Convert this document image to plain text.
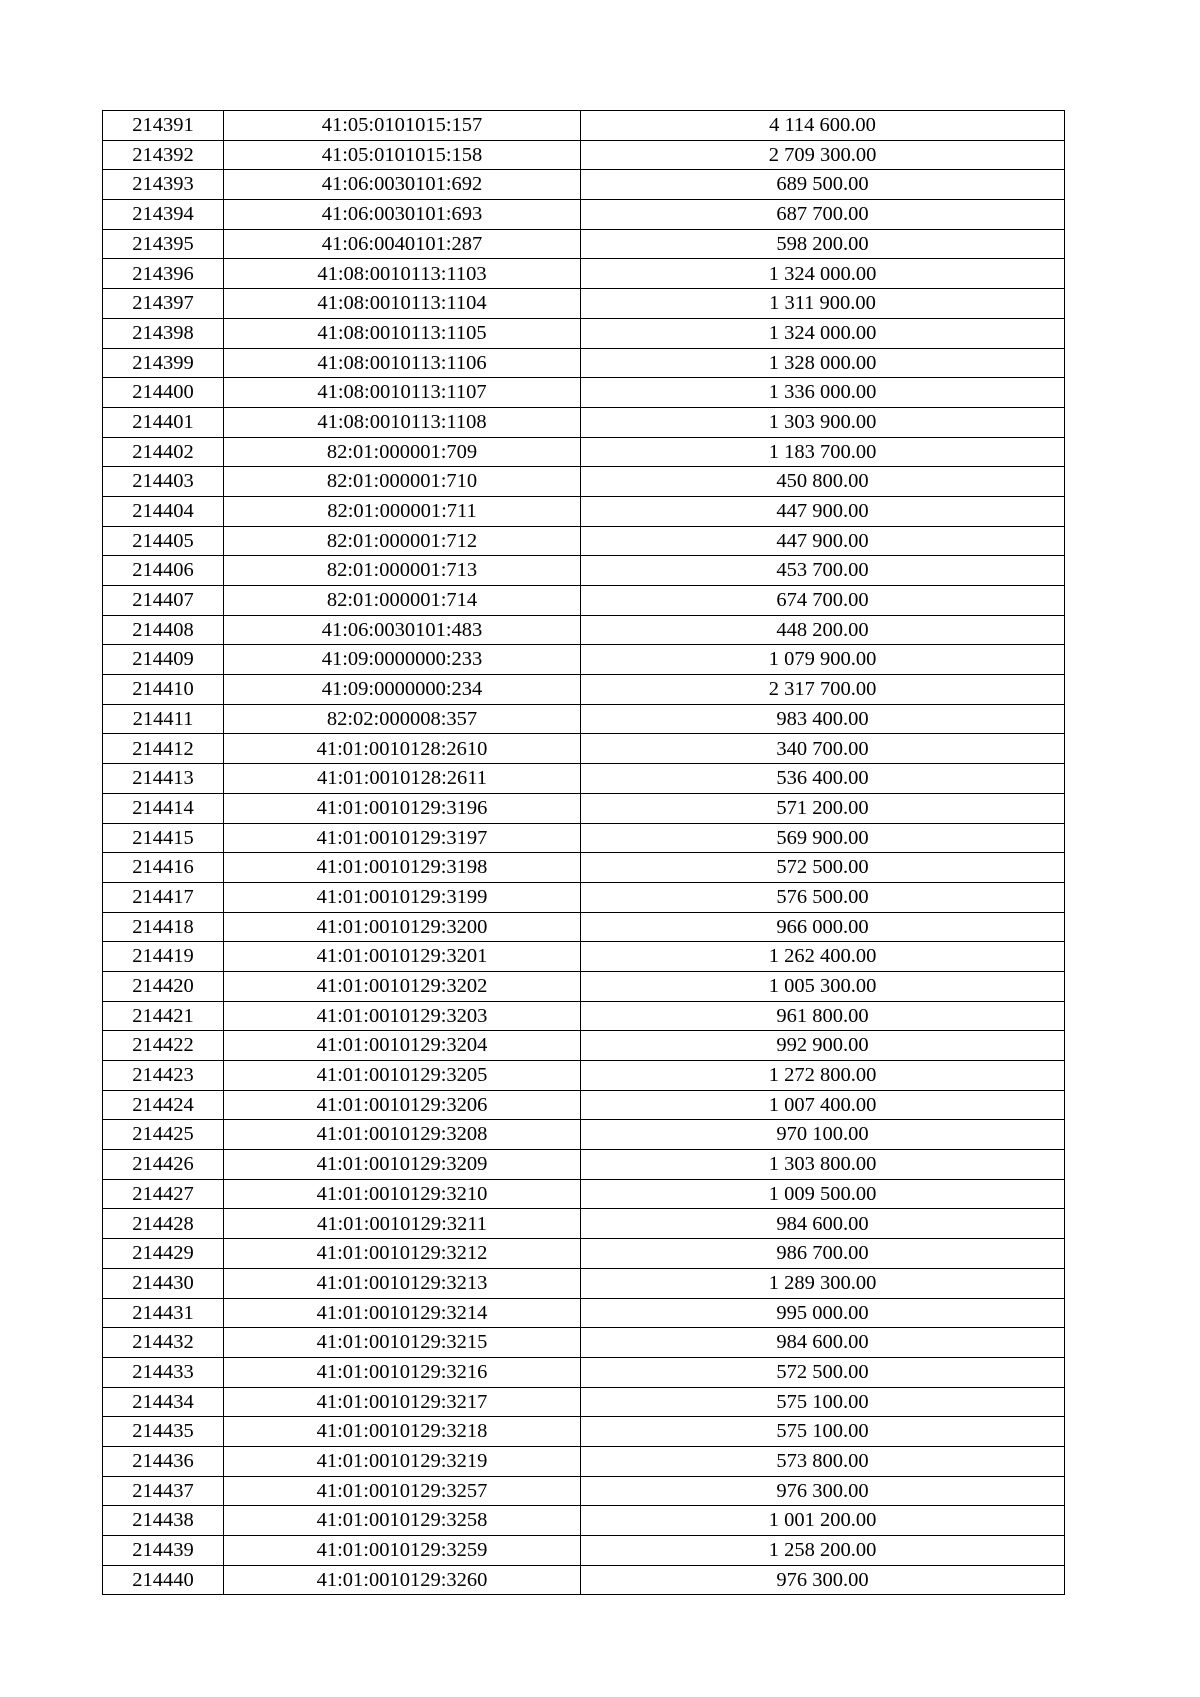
214391	41:05:0101015:157	4 114 600.00
214392	41:05:0101015:158	2 709 300.00
214393	41:06:0030101:692	689 500.00
214394	41:06:0030101:693	687 700.00
214395	41:06:0040101:287	598 200.00
214396	41:08:0010113:1103	1 324 000.00
214397	41:08:0010113:1104	1 311 900.00
214398	41:08:0010113:1105	1 324 000.00
214399	41:08:0010113:1106	1 328 000.00
214400	41:08:0010113:1107	1 336 000.00
214401	41:08:0010113:1108	1 303 900.00
214402	82:01:000001:709	1 183 700.00
214403	82:01:000001:710	450 800.00
214404	82:01:000001:711	447 900.00
214405	82:01:000001:712	447 900.00
214406	82:01:000001:713	453 700.00
214407	82:01:000001:714	674 700.00
214408	41:06:0030101:483	448 200.00
214409	41:09:0000000:233	1 079 900.00
214410	41:09:0000000:234	2 317 700.00
214411	82:02:000008:357	983 400.00
214412	41:01:0010128:2610	340 700.00
214413	41:01:0010128:2611	536 400.00
214414	41:01:0010129:3196	571 200.00
214415	41:01:0010129:3197	569 900.00
214416	41:01:0010129:3198	572 500.00
214417	41:01:0010129:3199	576 500.00
214418	41:01:0010129:3200	966 000.00
214419	41:01:0010129:3201	1 262 400.00
214420	41:01:0010129:3202	1 005 300.00
214421	41:01:0010129:3203	961 800.00
214422	41:01:0010129:3204	992 900.00
214423	41:01:0010129:3205	1 272 800.00
214424	41:01:0010129:3206	1 007 400.00
214425	41:01:0010129:3208	970 100.00
214426	41:01:0010129:3209	1 303 800.00
214427	41:01:0010129:3210	1 009 500.00
214428	41:01:0010129:3211	984 600.00
214429	41:01:0010129:3212	986 700.00
214430	41:01:0010129:3213	1 289 300.00
214431	41:01:0010129:3214	995 000.00
214432	41:01:0010129:3215	984 600.00
214433	41:01:0010129:3216	572 500.00
214434	41:01:0010129:3217	575 100.00
214435	41:01:0010129:3218	575 100.00
214436	41:01:0010129:3219	573 800.00
214437	41:01:0010129:3257	976 300.00
214438	41:01:0010129:3258	1 001 200.00
214439	41:01:0010129:3259	1 258 200.00
214440	41:01:0010129:3260	976 300.00
